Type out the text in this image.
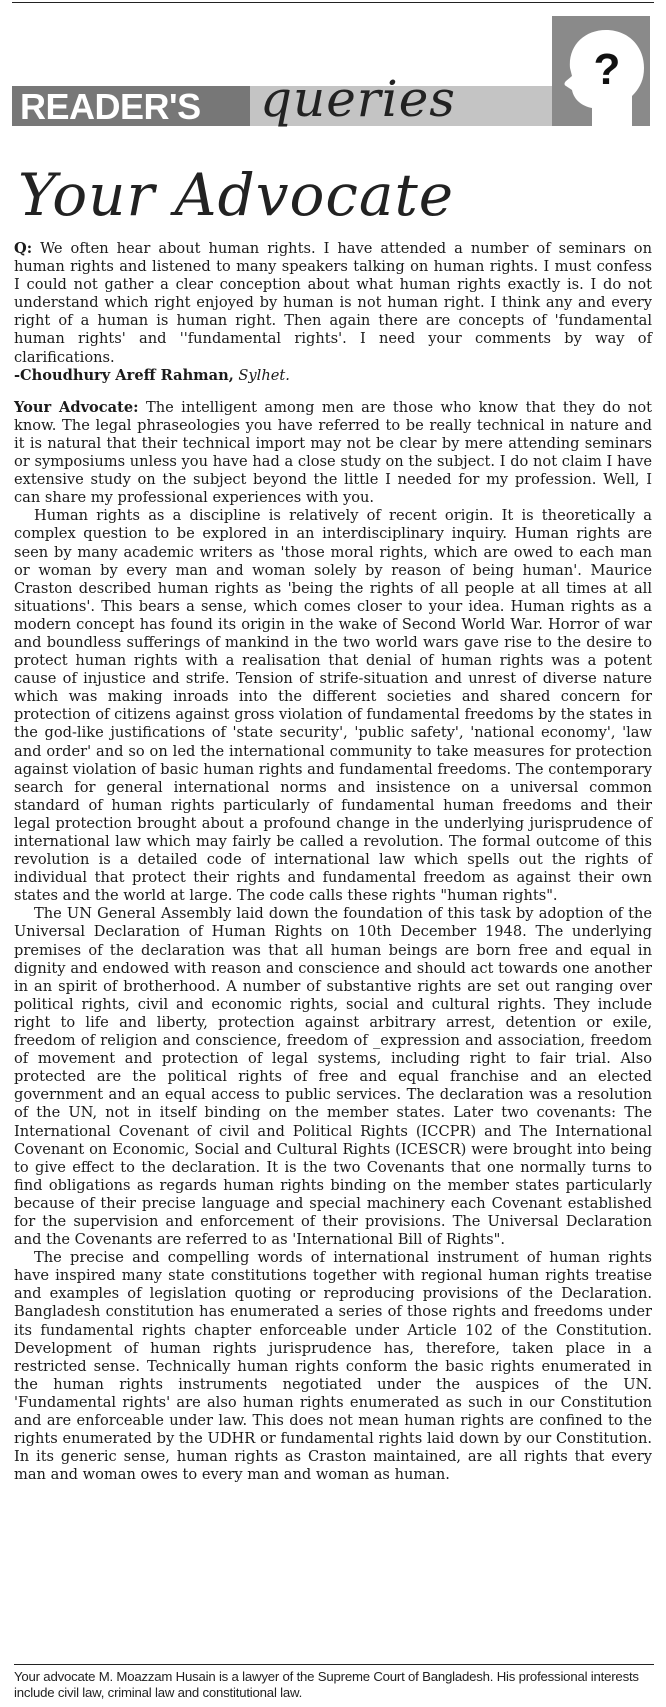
READER'S queries
?
Your Advocate

Q: We often hear about human rights. I have attended a number of seminars on human rights and listened to many speakers talking on human rights. I must confess I could not gather a clear conception about what human rights exactly is. I do not understand which right enjoyed by human is not human right. I think any and every right of a human is human right. Then again there are concepts of 'fundamental human rights' and ''fundamental rights'. I need your comments by way of clarifications.

-Choudhury Areff Rahman, Sylhet.

Your Advocate: The intelligent among men are those who know that they do not know. The legal phraseologies you have referred to be really technical in nature and it is natural that their technical import may not be clear by mere attending seminars or symposiums unless you have had a close study on the subject. I do not claim I have extensive study on the subject beyond the little I needed for my profession. Well, I can share my professional experiences with you.

Human rights as a discipline is relatively of recent origin. It is theoretically a complex question to be explored in an interdisciplinary inquiry. Human rights are seen by many academic writers as 'those moral rights, which are owed to each man or woman by every man and woman solely by reason of being human'. Maurice Craston described human rights as 'being the rights of all people at all times at all situations'. This bears a sense, which comes closer to your idea. Human rights as a modern concept has found its origin in the wake of Second World War. Horror of war and boundless sufferings of mankind in the two world wars gave rise to the desire to protect human rights with a realisation that denial of human rights was a potent cause of injustice and strife. Tension of strife-situation and unrest of diverse nature which was making inroads into the different societies and shared concern for protection of citizens against gross violation of fundamental freedoms by the states in the god-like justifications of 'state security', 'public safety', 'national economy', 'law and order' and so on led the international community to take measures for protection against violation of basic human rights and fundamental freedoms. The contemporary search for general international norms and insistence on a universal common standard of human rights particularly of fundamental human freedoms and their legal protection brought about a profound change in the underlying jurisprudence of international law which may fairly be called a revolution. The formal outcome of this revolution is a detailed code of international law which spells out the rights of individual that protect their rights and fundamental freedom as against their own states and the world at large. The code calls these rights "human rights".

The UN General Assembly laid down the foundation of this task by adoption of the Universal Declaration of Human Rights on 10th December 1948. The underlying premises of the declaration was that all human beings are born free and equal in dignity and endowed with reason and conscience and should act towards one another in an spirit of brotherhood. A number of substantive rights are set out ranging over political rights, civil and economic rights, social and cultural rights. They include right to life and liberty, protection against arbitrary arrest, detention or exile, freedom of religion and conscience, freedom of _expression and association, freedom of movement and protection of legal systems, including right to fair trial. Also protected are the political rights of free and equal franchise and an elected government and an equal access to public services. The declaration was a resolution of the UN, not in itself binding on the member states. Later two covenants: The International Covenant of civil and Political Rights (ICCPR) and The International Covenant on Economic, Social and Cultural Rights (ICESCR) were brought into being to give effect to the declaration. It is the two Covenants that one normally turns to find obligations as regards human rights binding on the member states particularly because of their precise language and special machinery each Covenant established for the supervision and enforcement of their provisions. The Universal Declaration and the Covenants are referred to as 'International Bill of Rights".

The precise and compelling words of international instrument of human rights have inspired many state constitutions together with regional human rights treatise and examples of legislation quoting or reproducing provisions of the Declaration. Bangladesh constitution has enumerated a series of those rights and freedoms under its fundamental rights chapter enforceable under Article 102 of the Constitution. Development of human rights jurisprudence has, therefore, taken place in a restricted sense. Technically human rights conform the basic rights enumerated in the human rights instruments negotiated under the auspices of the UN. 'Fundamental rights' are also human rights enumerated as such in our Constitution and are enforceable under law. This does not mean human rights are confined to the rights enumerated by the UDHR or fundamental rights laid down by our Constitution. In its generic sense, human rights as Craston maintained, are all rights that every man and woman owes to every man and woman as human.

Your advocate M. Moazzam Husain is a lawyer of the Supreme Court of Bangladesh. His professional interests include civil law, criminal law and constitutional law.
